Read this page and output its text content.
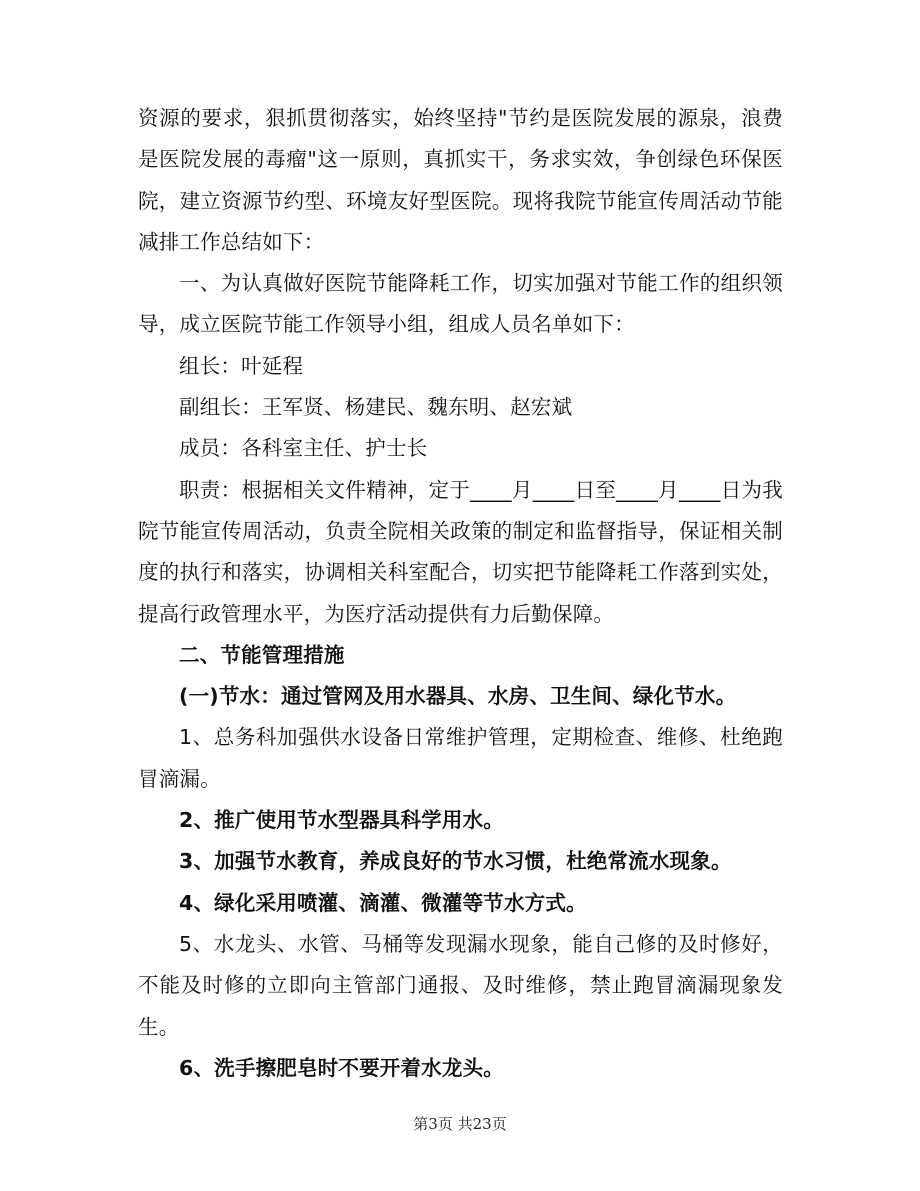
资源的要求，狠抓贯彻落实，始终坚持"节约是医院发展的源泉，浪费是医院发展的毒瘤"这一原则，真抓实干，务求实效，争创绿色环保医院，建立资源节约型、环境友好型医院。现将我院节能宣传周活动节能减排工作总结如下：

一、为认真做好医院节能降耗工作，切实加强对节能工作的组织领导，成立医院节能工作领导小组，组成人员名单如下：

组长：叶延程

副组长：王军贤、杨建民、魏东明、赵宏斌

成员：各科室主任、护士长

职责：根据相关文件精神，定于____月____日至____月____日为我院节能宣传周活动，负责全院相关政策的制定和监督指导，保证相关制度的执行和落实，协调相关科室配合，切实把节能降耗工作落到实处，提高行政管理水平，为医疗活动提供有力后勤保障。

二、节能管理措施

(一)节水：通过管网及用水器具、水房、卫生间、绿化节水。

1、总务科加强供水设备日常维护管理，定期检查、维修、杜绝跑冒滴漏。

2、推广使用节水型器具科学用水。

3、加强节水教育，养成良好的节水习惯，杜绝常流水现象。

4、绿化采用喷灌、滴灌、微灌等节水方式。

5、水龙头、水管、马桶等发现漏水现象，能自己修的及时修好，不能及时修的立即向主管部门通报、及时维修，禁止跑冒滴漏现象发生。

6、洗手擦肥皂时不要开着水龙头。

第3页 共23页
